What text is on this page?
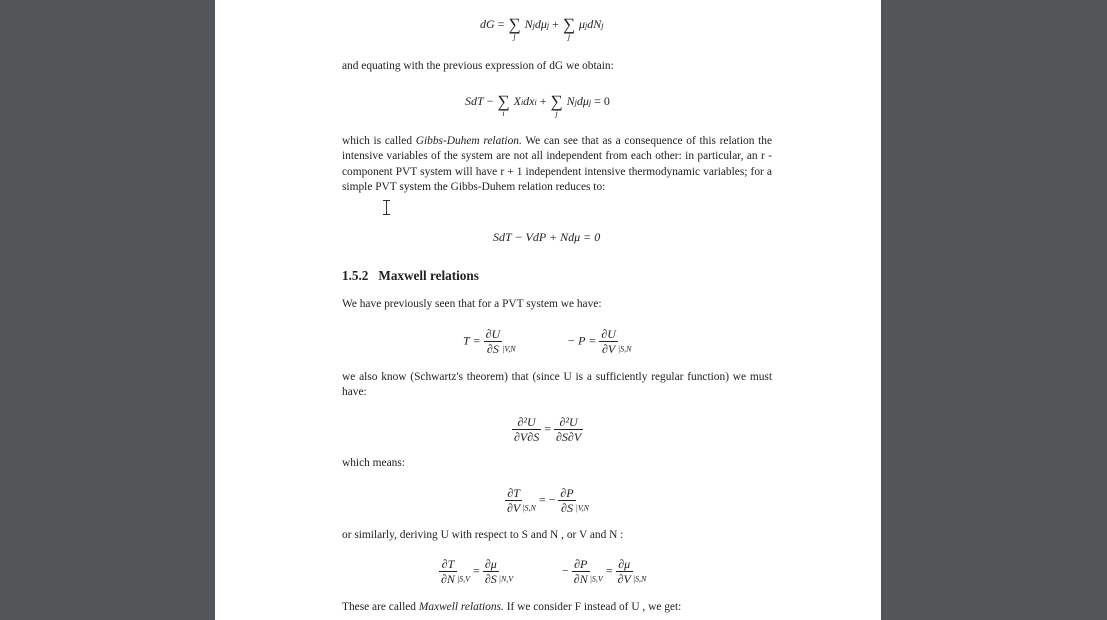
dG = ∑
j
Njdμj + ∑
j
μjdNj

and equating with the previous expression of dG we obtain:

SdT − ∑
i
Xidxi + ∑
j
Njdμj = 0

which is called Gibbs-Duhem relation. We can see that as a consequence of this relation the intensive variables of the system are not all independent from each other: in particular, an r -component PVT system will have r + 1 independent intensive thermodynamic variables; for a simple PVT system the Gibbs-Duhem relation reduces to:

SdT − VdP + Ndμ = 0
1.5.2 Maxwell relations

We have previously seen that for a PVT system we have:

$T = \frac{\partial U}{\partial S} _{|V,N}$
− $P = \frac{\partial U}{\partial V} _{|S,N}$

we also know (Schwartz's theorem) that (since U is a sufficiently regular function) we must have:

$\frac{\text{∂²U}}{\partial V\partial S} = \frac{\text{∂²U}}{\partial S\partial V}$

which means:

$\frac{\partial T}{\partial V} _{|S,N}$ = − $\frac{\partial P}{\partial S} _{|V,N}$

or similarly, deriving U with respect to S and N , or V and N :

$\frac{\partial T}{\partial N} _{|S,V} = \frac{\partial\mu}{\partial S} _{|N,V}$
− $\frac{\partial P}{\partial N} _{|S,V} = \frac{\partial\mu}{\partial V} _{|S,N}$

These are called Maxwell relations. If we consider F instead of U , we get:
